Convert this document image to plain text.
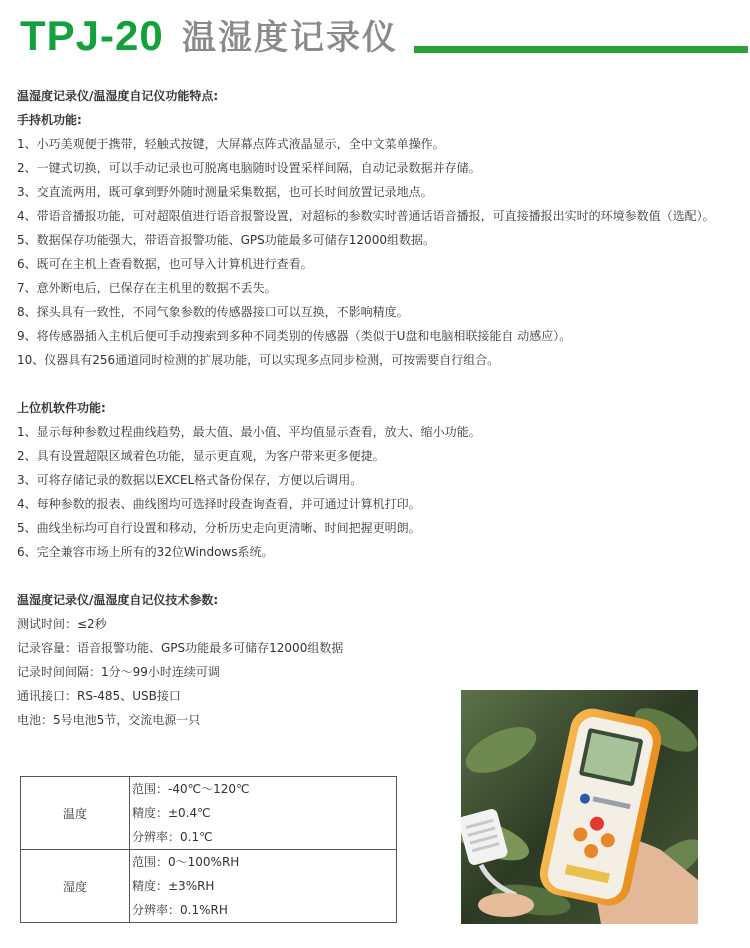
TPJ-20 温湿度记录仪
温湿度记录仪/温湿度自记仪功能特点:
手持机功能:
1、小巧美观便于携带，轻触式按键，大屏幕点阵式液晶显示，全中文菜单操作。
2、一键式切换，可以手动记录也可脱离电脑随时设置采样间隔，自动记录数据并存储。
3、交直流两用，既可拿到野外随时测量采集数据，也可长时间放置记录地点。
4、带语音播报功能，可对超限值进行语音报警设置，对超标的参数实时普通话语音播报，可直接播报出实时的环境参数值（选配）。
5、数据保存功能强大，带语音报警功能、GPS功能最多可储存12000组数据。
6、既可在主机上查看数据，也可导入计算机进行查看。
7、意外断电后，已保存在主机里的数据不丢失。
8、探头具有一致性，不同气象参数的传感器接口可以互换，不影响精度。
9、将传感器插入主机后便可手动搜索到多种不同类别的传感器（类似于U盘和电脑相联接能自 动感应）。
10、仪器具有256通道同时检测的扩展功能，可以实现多点同步检测，可按需要自行组合。
上位机软件功能:
1、显示每种参数过程曲线趋势，最大值、最小值、平均值显示查看，放大、缩小功能。
2、具有设置超限区域着色功能，显示更直观，为客户带来更多便捷。
3、可将存储记录的数据以EXCEL格式备份保存，方便以后调用。
4、每种参数的报表、曲线图均可选择时段查询查看，并可通过计算机打印。
5、曲线坐标均可自行设置和移动，分析历史走向更清晰、时间把握更明朗。
6、完全兼容市场上所有的32位Windows系统。
温湿度记录仪/温湿度自记仪技术参数:
测试时间：≤2秒
记录容量：语音报警功能、GPS功能最多可储存12000组数据
记录时间间隔：1分～99小时连续可调
通讯接口：RS-485、USB接口
电池：5号电池5节，交流电源一只
温度	范围：-40℃～120℃
精度：±0.4℃
分辨率：0.1℃

湿度	范围：0～100%RH
精度：±3%RH
分辨率：0.1%RH
